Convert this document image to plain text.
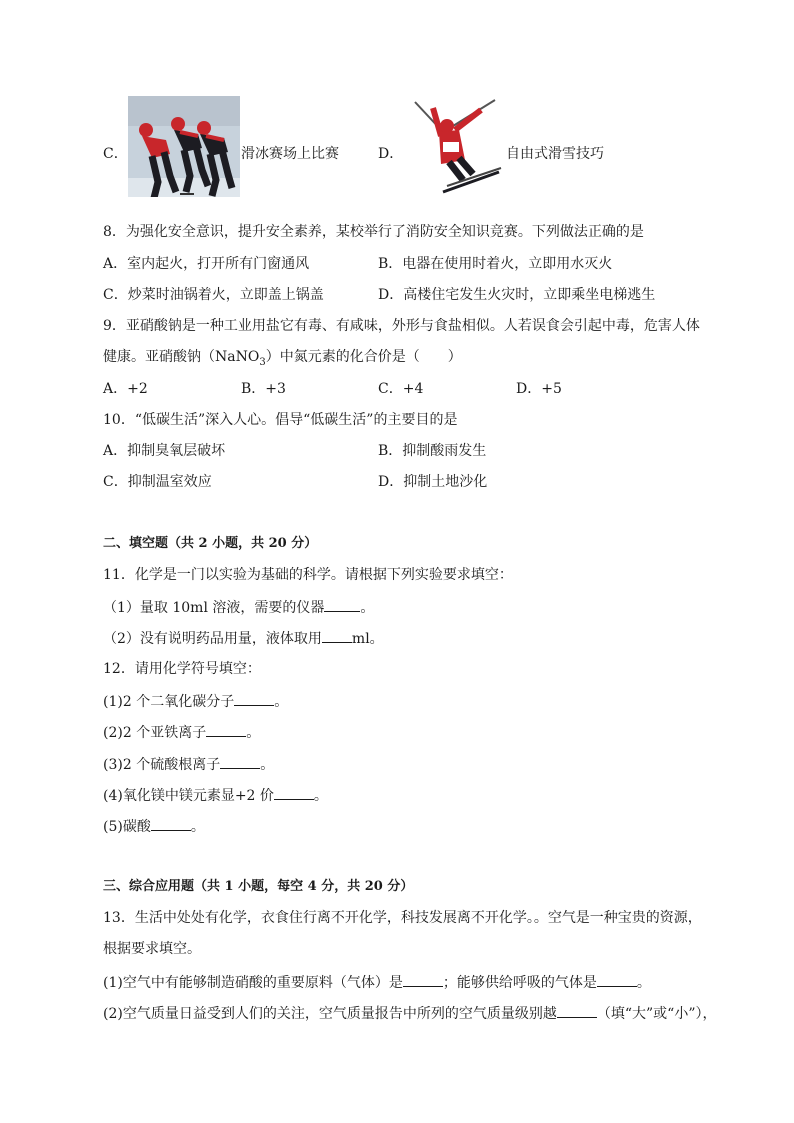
C．	滑冰赛场上比赛	D．	自由式滑雪技巧
8．为强化安全意识，提升安全素养，某校举行了消防安全知识竞赛。下列做法正确的是
A．室内起火，打开所有门窗通风	B．电器在使用时着火，立即用水灭火
C．炒菜时油锅着火，立即盖上锅盖	D．高楼住宅发生火灾时，立即乘坐电梯逃生
9．亚硝酸钠是一种工业用盐它有毒、有咸味，外形与食盐相似。人若误食会引起中毒，危害人体
健康。亚硝酸钠（NaNO$_3$）中氮元素的化合价是（　　）
A．+2	B．+3	C．+4	D．+5
10．“低碳生活”深入人心。倡导“低碳生活”的主要目的是
A．抑制臭氧层破坏	B．抑制酸雨发生
C．抑制温室效应	D．抑制土地沙化
二、填空题（共 2 小题，共 20 分）
11．化学是一门以实验为基础的科学。请根据下列实验要求填空：
（1）量取 10ml 溶液，需要的仪器	。
（2）没有说明药品用量，液体取用 ml。
12．请用化学符号填空：
(1)2 个二氧化碳分子	。
(2)2 个亚铁离子	。
(3)2 个硫酸根离子	。
(4)氧化镁中镁元素显+2 价	。
(5)碳酸	。
三、综合应用题（共 1 小题，每空 4 分，共 20 分）
13．生活中处处有化学，衣食住行离不开化学，科技发展离不开化学。。空气是一种宝贵的资源，
根据要求填空。
(1)空气中有能够制造硝酸的重要原料（气体）是	；能够供给呼吸的气体是	。
(2)空气质量日益受到人们的关注，空气质量报告中所列的空气质量级别越	（填“大”或“小”），
